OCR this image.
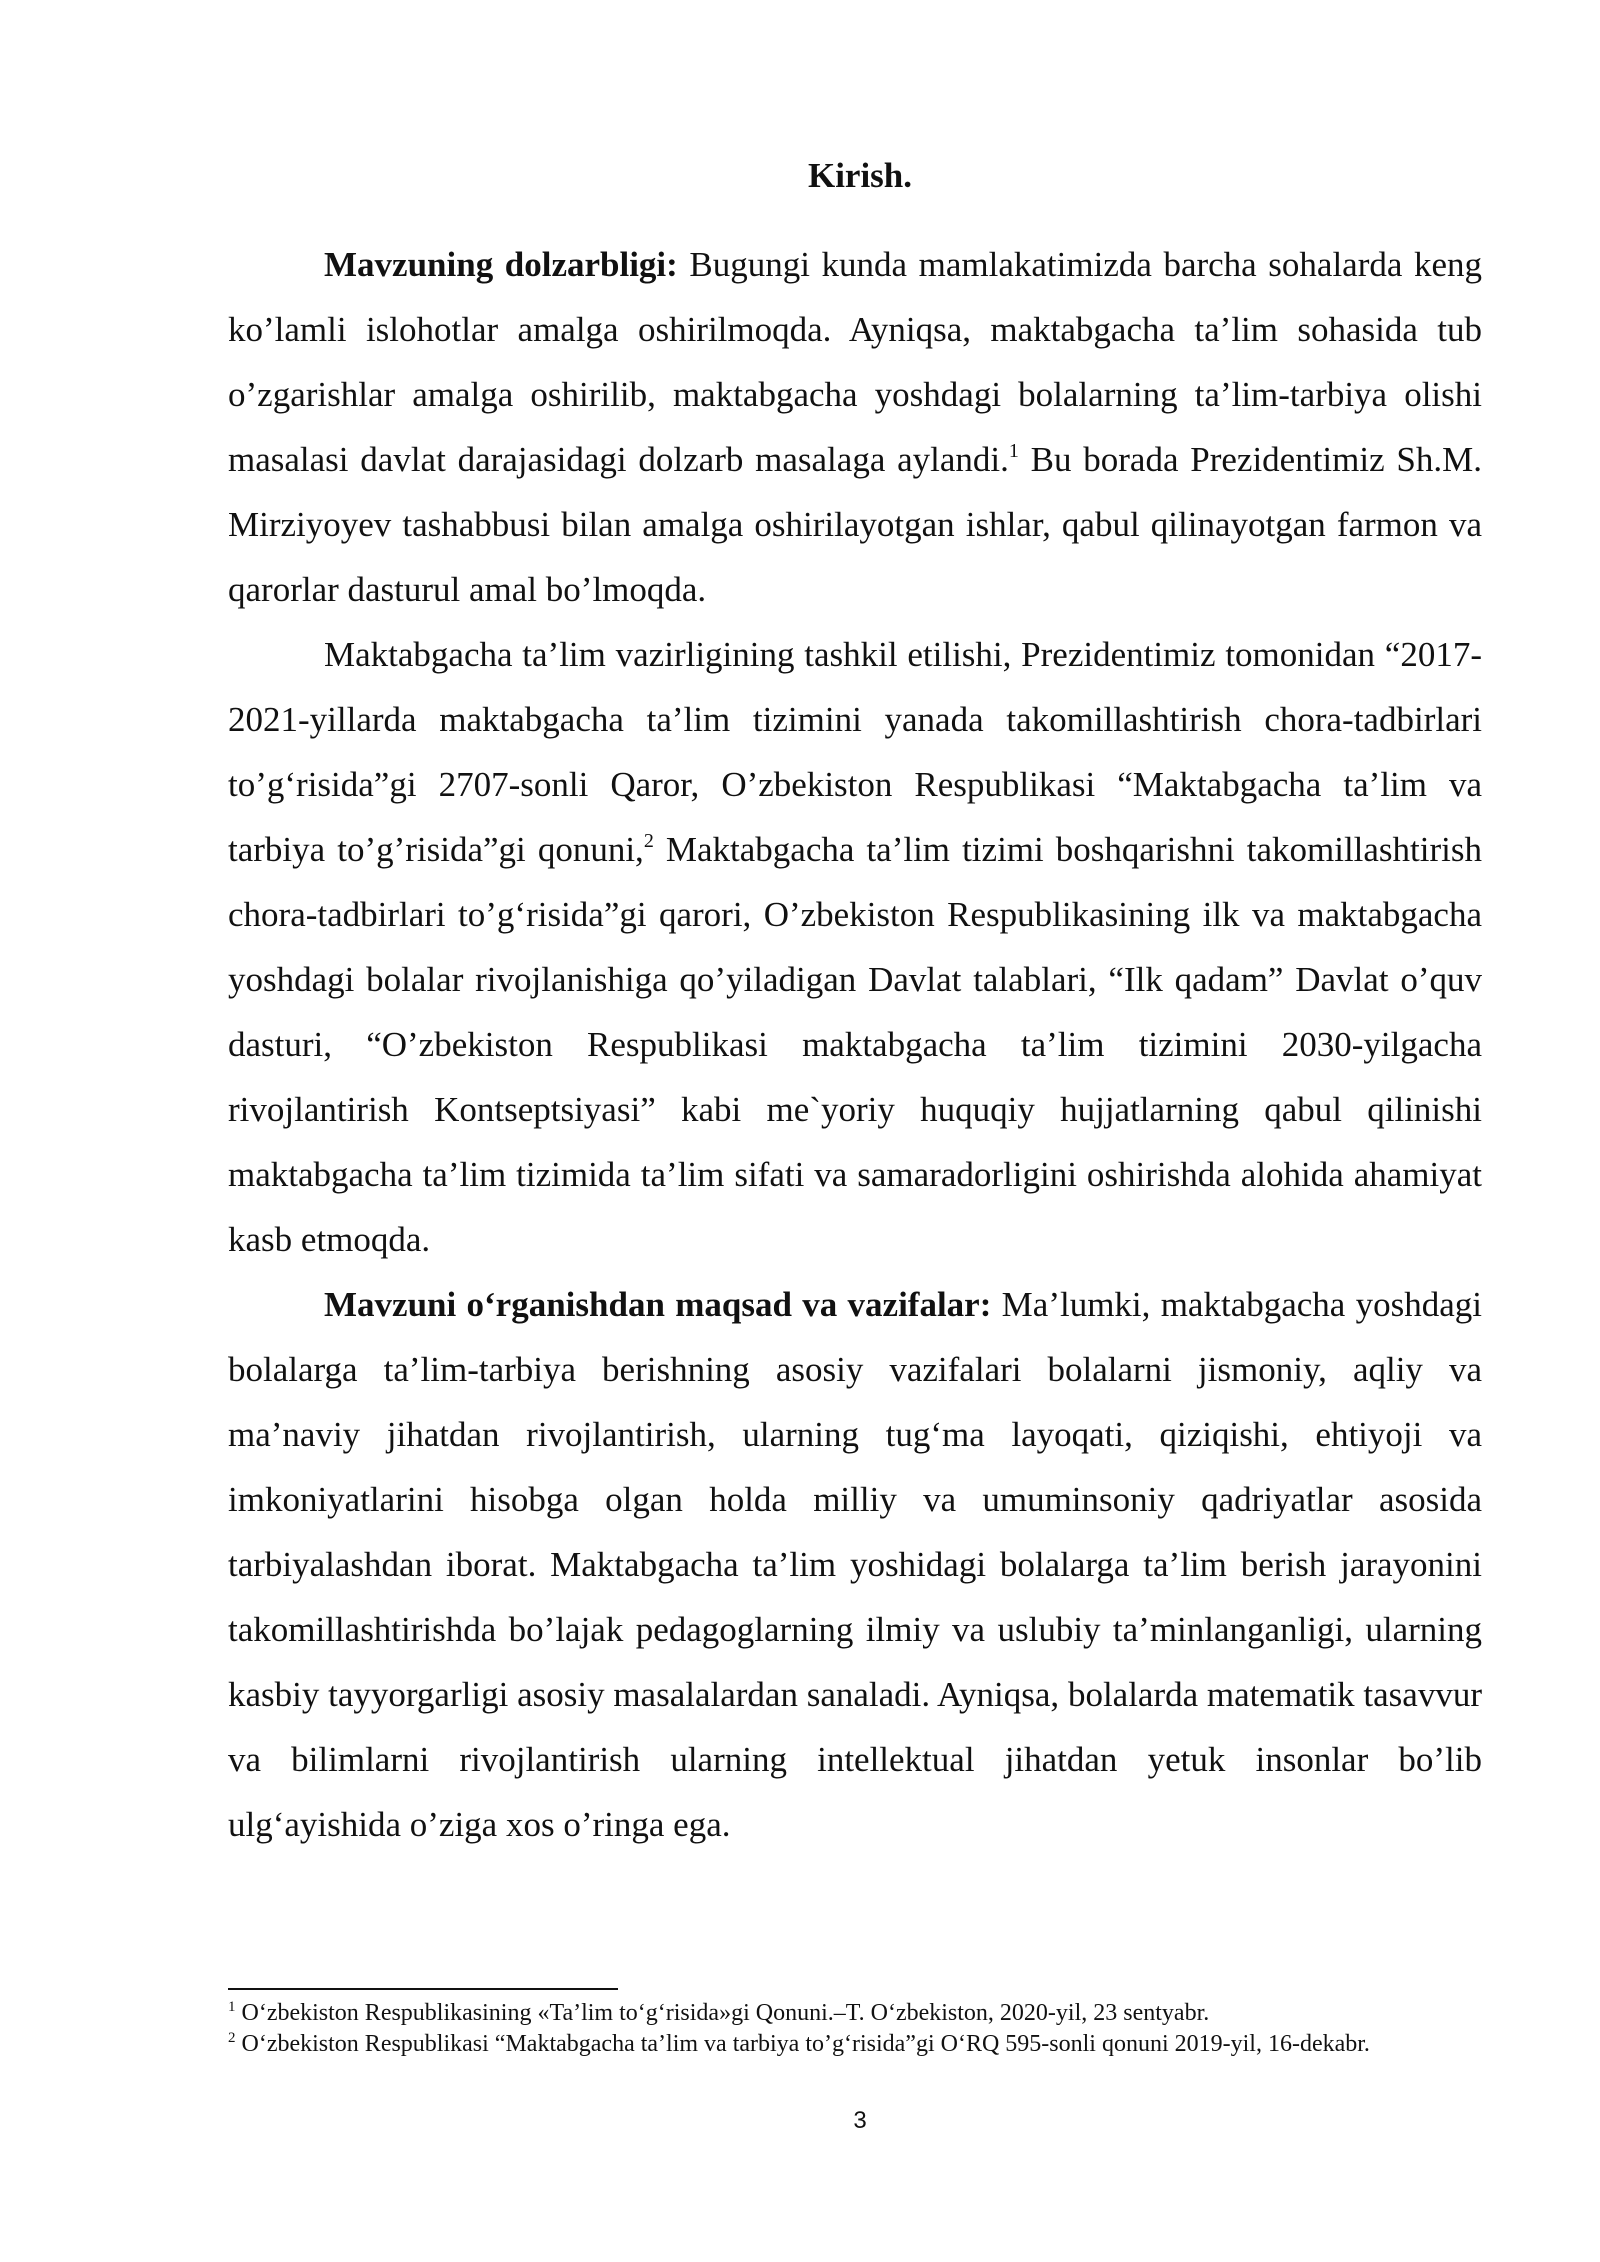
Kirish.

Mavzuning dolzarbligi: Bugungi kunda mamlakatimizda barcha sohalarda keng ko’lamli islohotlar amalga oshirilmoqda. Ayniqsa, maktabgacha ta’lim sohasida tub o’zgarishlar amalga oshirilib, maktabgacha yoshdagi bolalarning ta’lim-tarbiya olishi masalasi davlat darajasidagi dolzarb masalaga aylandi.$^1$ Bu borada Prezidentimiz Sh.M. Mirziyoyev tashabbusi bilan amalga oshirilayotgan ishlar, qabul qilinayotgan farmon va qarorlar dasturul amal bo’lmoqda.

Maktabgacha ta’lim vazirligining tashkil etilishi, Prezidentimiz tomonidan “2017-2021-yillarda maktabgacha ta’lim tizimini yanada takomillashtirish chora-tadbirlari to’g‘risida”gi 2707-sonli Qaror, O’zbekiston Respublikasi “Maktabgacha ta’lim va tarbiya to’g’risida”gi qonuni,$^2$ Maktabgacha ta’lim tizimi boshqarishni takomillashtirish chora-tadbirlari to’g‘risida”gi qarori, O’zbekiston Respublikasining ilk va maktabgacha yoshdagi bolalar rivojlanishiga qo’yiladigan Davlat talablari, “Ilk qadam” Davlat o’quv dasturi, “O’zbekiston Respublikasi maktabgacha ta’lim tizimini 2030-yilgacha rivojlantirish Kontseptsiyasi” kabi me`yoriy huquqiy hujjatlarning qabul qilinishi maktabgacha ta’lim tizimida ta’lim sifati va samaradorligini oshirishda alohida ahamiyat kasb etmoqda.

Mavzuni o‘rganishdan maqsad va vazifalar: Ma’lumki, maktabgacha yoshdagi bolalarga ta’lim-tarbiya berishning asosiy vazifalari bolalarni jismoniy, aqliy va ma’naviy jihatdan rivojlantirish, ularning tug‘ma layoqati, qiziqishi, ehtiyoji va imkoniyatlarini hisobga olgan holda milliy va umuminsoniy qadriyatlar asosida tarbiyalashdan iborat. Maktabgacha ta’lim yoshidagi bolalarga ta’lim berish jarayonini takomillashtirishda bo’lajak pedagoglarning ilmiy va uslubiy ta’minlanganligi, ularning kasbiy tayyorgarligi asosiy masalalardan sanaladi. Ayniqsa, bolalarda matematik tasavvur va bilimlarni rivojlantirish ularning intellektual jihatdan yetuk insonlar bo’lib ulg‘ayishida o’ziga xos o’ringa ega.

$^1$ O‘zbekiston Respublikasining «Ta’lim to‘g‘risida»gi Qonuni.–T. O‘zbekiston, 2020-yil, 23 sentyabr.

$^2$ O‘zbekiston Respublikasi “Maktabgacha ta’lim va tarbiya to’g‘risida”gi O‘RQ 595-sonli qonuni 2019-yil, 16-dekabr.

3
